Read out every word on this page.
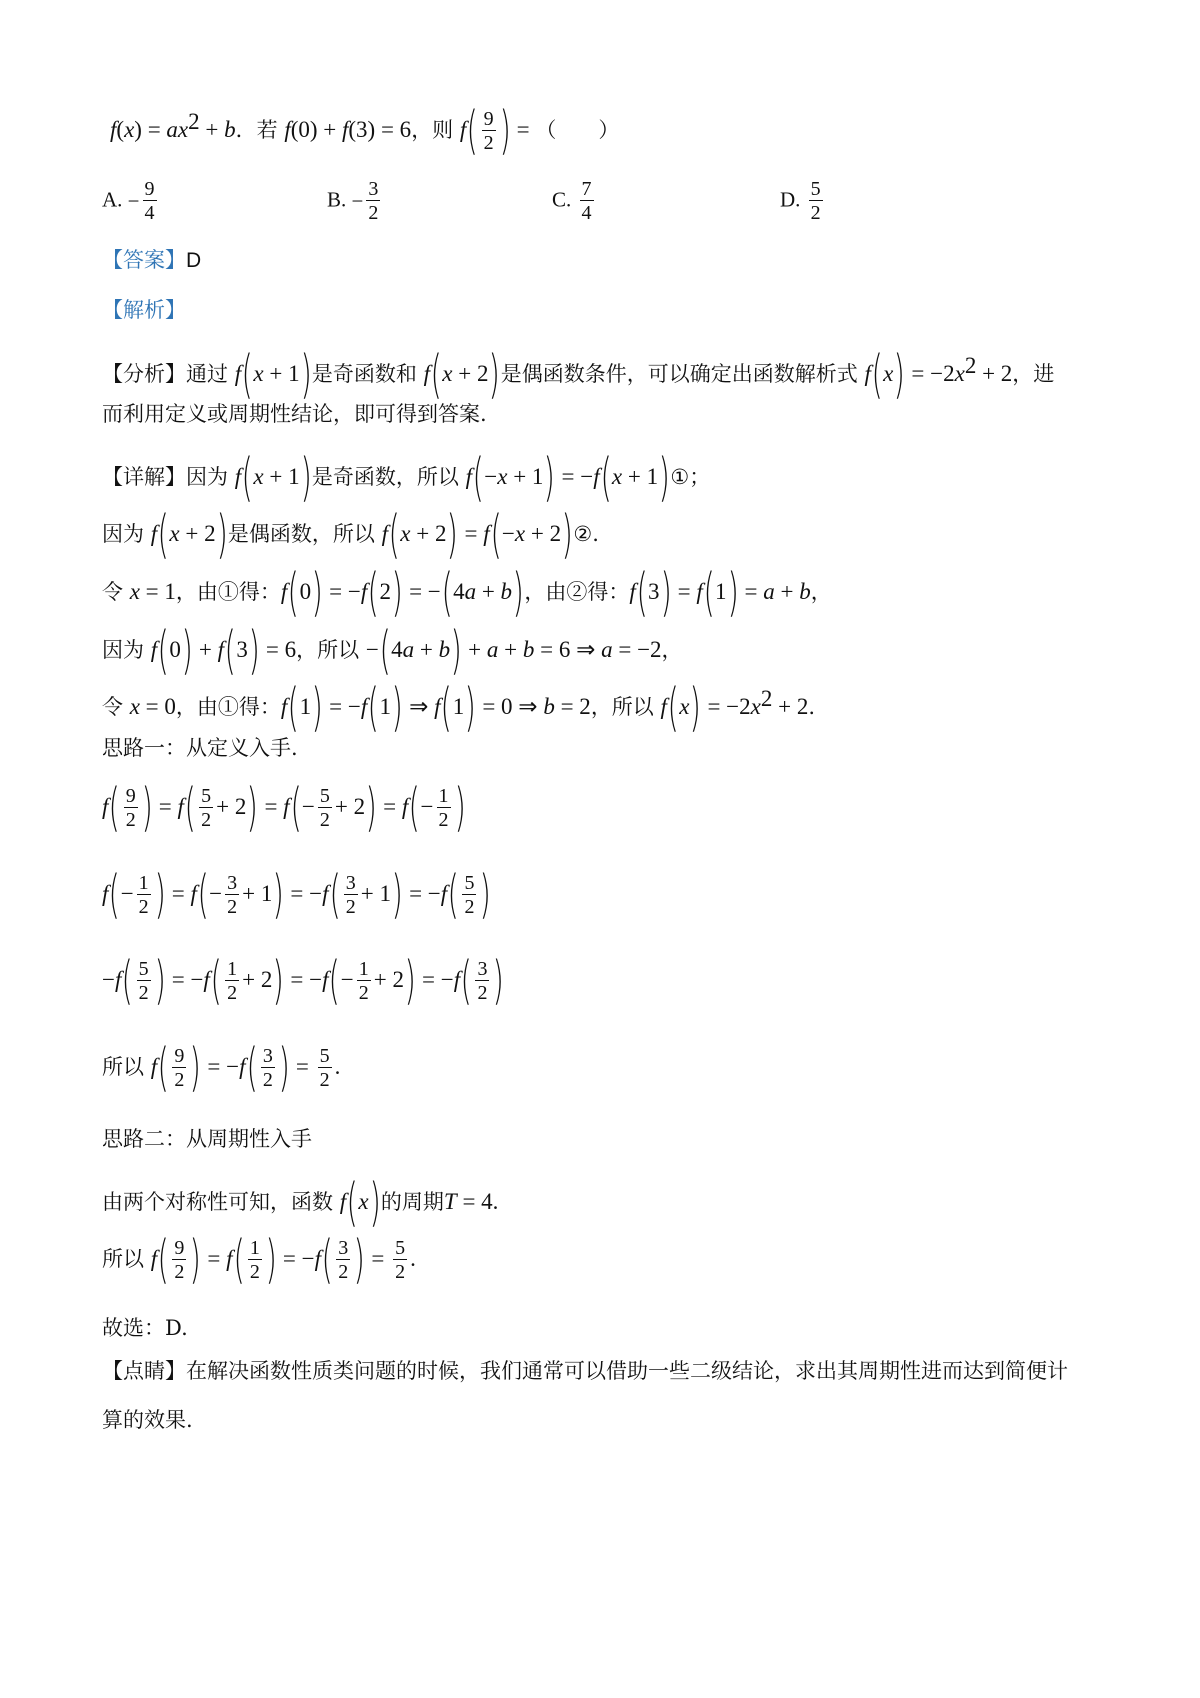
$f(x) = ax^2 + b$．若 f(0) + f(3) = 6，则 $f( \frac{9}{2}$ ) = （　　）
A. − $\frac{9}{4}$	B. − $\frac{3}{2}$	C. $\frac{7}{4}$	D. $\frac{5}{2}$
【答案】D
【解析】
【分析】通过 f(x + 1)是奇函数和 f(x + 2)是偶函数条件，可以确定出函数解析式 $f(x) = -2x^2 + 2$，进
而利用定义或周期性结论，即可得到答案.
【详解】因为 f(x + 1)是奇函数，所以 f(−x + 1) = −f(x + 1)①；
因为 f(x + 2)是偶函数，所以 f(x + 2) = f(−x + 2)②.
令 x = 1，由①得：f(0) = −f(2) = −(4a + b)，由②得：f(3) = f(1) = a + b，
因为 f(0) + f(3) = 6，所以 −(4a + b) + a + b = 6 ⇒ a = −2，
令 x = 0，由①得：f(1) = −f(1) ⇒ f(1) = 0 ⇒ b = 2，所以 $f(x) = -2x^2 + 2$.
思路一：从定义入手.
$f( \frac{9}{2}$ ) = $f( \frac{5}{2} + 2) = f(- \frac{5}{2} + 2) = f(- \frac{1}{2}$ )
$f(- \frac{1}{2}$ ) = $f(- \frac{3}{2} + 1) = -f( \frac{3}{2} + 1) = -f( \frac{5}{2}$ )
$-f( \frac{5}{2}$ ) = $-f( \frac{1}{2} + 2) = -f(- \frac{1}{2} + 2) = -f( \frac{3}{2}$ )
所以 $f( \frac{9}{2}$ ) = $-f( \frac{3}{2}$ ) = $\frac{5}{2}$ .
思路二：从周期性入手
由两个对称性可知，函数 f(x)的周期T = 4.
所以 $f( \frac{9}{2}$ ) = $f( \frac{1}{2}$ ) = $-f( \frac{3}{2}$ ) = $\frac{5}{2}$ .
故选：D.
【点睛】在解决函数性质类问题的时候，我们通常可以借助一些二级结论，求出其周期性进而达到简便计
算的效果.
